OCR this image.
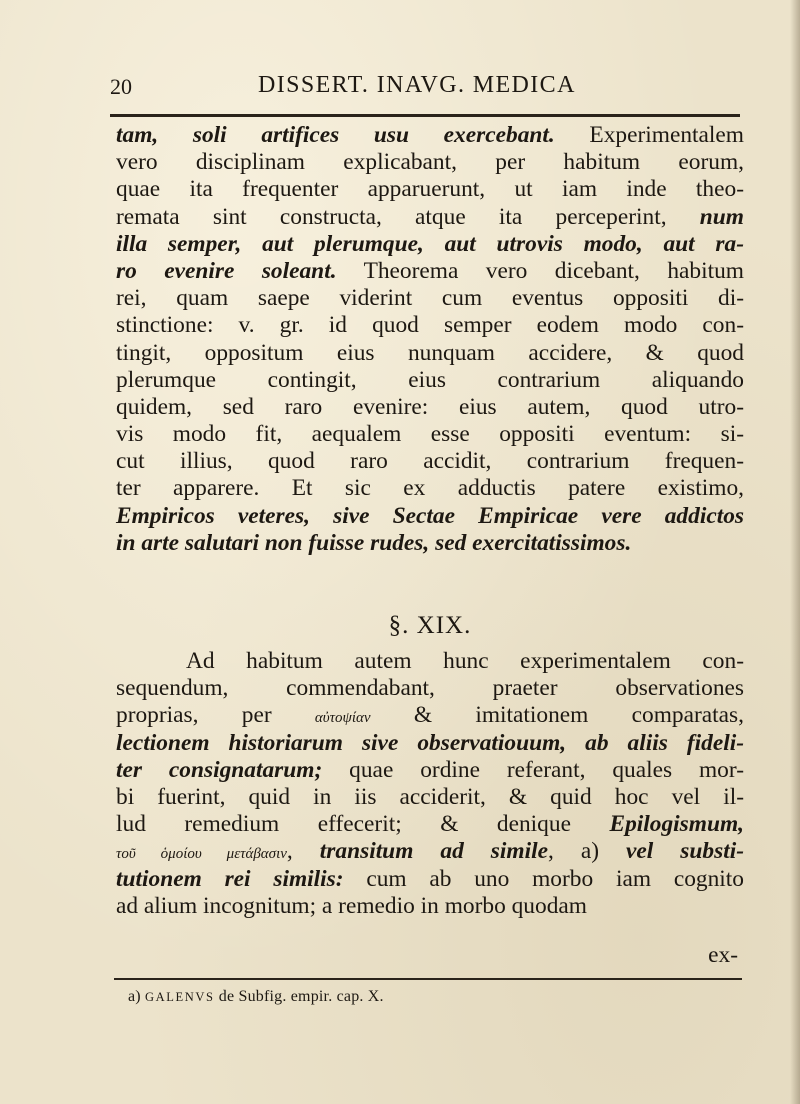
20	DISSERT. INAVG. MEDICA
tam, soli artifices usu exercebant. Experimentalem
vero disciplinam explicabant, per habitum eorum,
quae ita frequenter apparuerunt, ut iam inde theo-
remata sint constructa, atque ita perceperint, num
illa semper, aut plerumque, aut utrovis modo, aut ra-
ro evenire soleant. Theorema vero dicebant, habitum
rei, quam saepe viderint cum eventus oppositi di-
stinctione: v. gr. id quod semper eodem modo con-
tingit, oppositum eius nunquam accidere, & quod
plerumque contingit, eius contrarium aliquando
quidem, sed raro evenire: eius autem, quod utro-
vis modo fit, aequalem esse oppositi eventum: si-
cut illius, quod raro accidit, contrarium frequen-
ter apparere. Et sic ex adductis patere existimo,
Empiricos veteres, sive Sectae Empiricae vere addictos
in arte salutari non fuisse rudes, sed exercitatissimos.
§. XIX.
Ad habitum autem hunc experimentalem con-
sequendum, commendabant, praeter observationes
proprias, per αὐτοψίαν & imitationem comparatas,
lectionem historiarum sive observatiouum, ab aliis fideli-
ter consignatarum; quae ordine referant, quales mor-
bi fuerint, quid in iis acciderit, & quid hoc vel il-
lud remedium effecerit; & denique Epilogismum,
τοῦ ὁμοίου μετάβασιν, transitum ad simile, a) vel substi-
tutionem rei similis: cum ab uno morbo iam cognito
ad alium incognitum; a remedio in morbo quodam
ex-
a) GALENVS de Subfig. empir. cap. X.
